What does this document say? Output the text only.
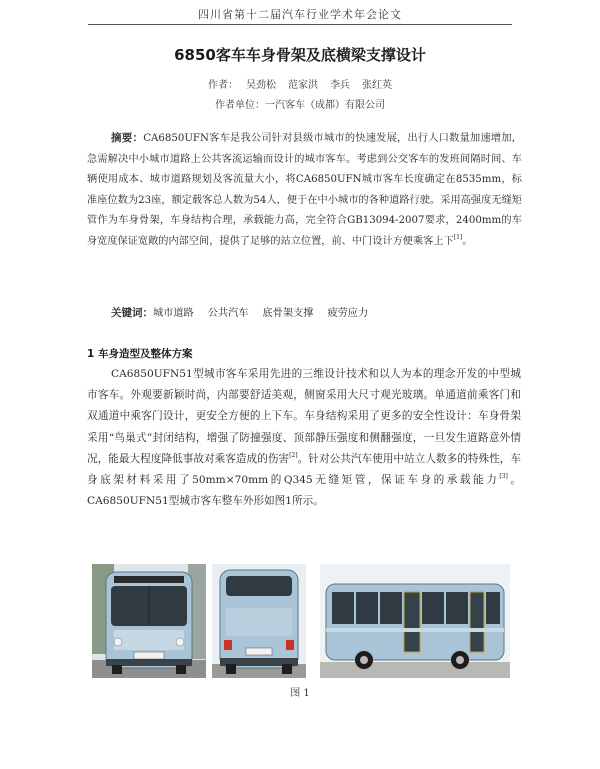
四川省第十二届汽车行业学术年会论文
6850客车车身骨架及底横梁支撑设计
作者： 吴劲松 范家洪 李兵 张红英
作者单位：一汽客车（成都）有限公司
摘要：CA6850UFN客车是我公司针对县级市城市的快速发展，出行人口数量加速增加，急需解决中小城市道路上公共客流运输而设计的城市客车。考虑到公交客车的发班间隔时间、车辆使用成本、城市道路规划及客流量大小，将CA6850UFN城市客车长度确定在8535mm，标准座位数为23座，额定载客总人数为54人，便于在中小城市的各种道路行驶。采用高强度无缝矩管作为车身骨架，车身结构合理，承载能力高，完全符合GB13094-2007要求，2400mm的车身宽度保证宽敞的内部空间，提供了足够的站立位置，前、中门设计方便乘客上下[1]。
关键词：城市道路 公共汽车 底骨架支撑 疲劳应力
1 车身造型及整体方案
CA6850UFN51型城市客车采用先进的三维设计技术和以人为本的理念开发的中型城市客车。外观要新颖时尚，内部要舒适美观，侧窗采用大尺寸观光玻璃。单通道前乘客门和双通道中乘客门设计，更安全方便的上下车。车身结构采用了更多的安全性设计：车身骨架采用“鸟巢式”封闭结构，增强了防撞强度、顶部静压强度和侧翻强度，一旦发生道路意外情况，能最大程度降低事故对乘客造成的伤害[2]。针对公共汽车使用中站立人数多的特殊性，车身底架材料采用了50mm×70mm的Q345无缝矩管，保证车身的承载能力[3]。CA6850UFN51型城市客车整车外形如图1所示。
图 1
